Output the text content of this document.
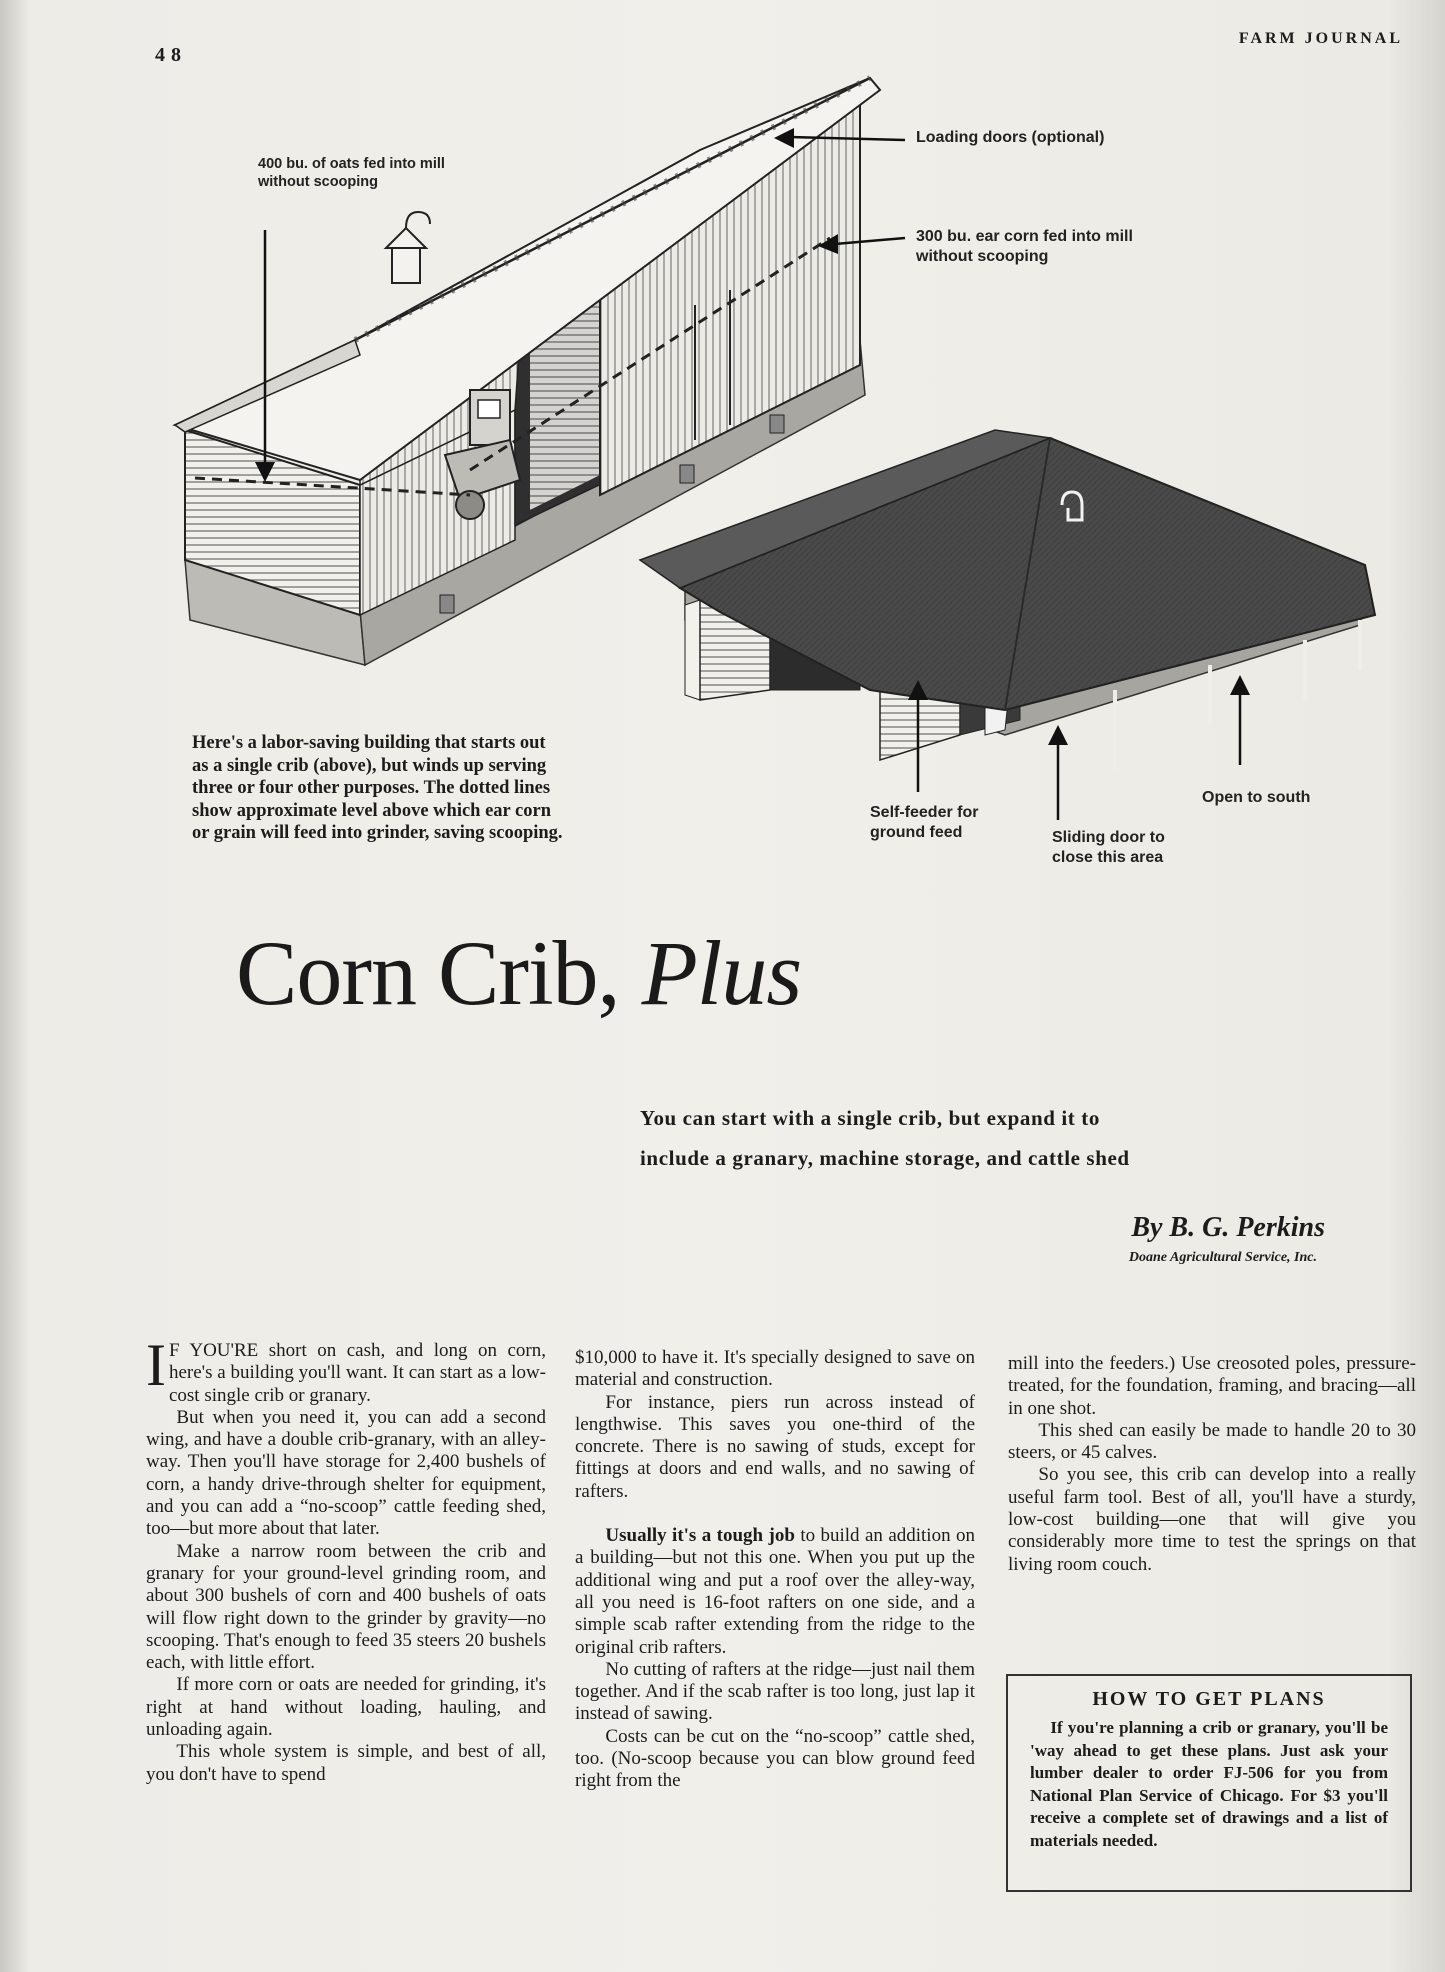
48
FARM JOURNAL
400 bu. of oats fed into mill without scooping
Loading doors (optional)
300 bu. ear corn fed into mill without scooping
Self-feeder for ground feed	Sliding door to close this area
Open to south
Here's a labor-saving building that starts out
as a single crib (above), but winds up serving
three or four other purposes. The dotted lines
show approximate level above which ear corn
or grain will feed into grinder, saving scooping.
Corn Crib, Plus
You can start with a single crib, but expand it to
include a granary, machine storage, and cattle shed
By B. G. Perkins
Doane Agricultural Service, Inc.

I F YOU'RE short on cash, and long on corn, here's a building you'll want. It can start as a low-cost single crib or granary.

But when you need it, you can add a second wing, and have a double crib-granary, with an alley-way. Then you'll have storage for 2,400 bushels of corn, a handy drive-through shelter for equipment, and you can add a “no-scoop” cattle feeding shed, too—but more about that later.

Make a narrow room between the crib and granary for your ground-level grinding room, and about 300 bushels of corn and 400 bushels of oats will flow right down to the grinder by gravity—no scooping. That's enough to feed 35 steers 20 bushels each, with little effort.

If more corn or oats are needed for grinding, it's right at hand without loading, hauling, and unloading again.

This whole system is simple, and best of all, you don't have to spend

$10,000 to have it. It's specially designed to save on material and construction.

For instance, piers run across instead of lengthwise. This saves you one-third of the concrete. There is no sawing of studs, except for fittings at doors and end walls, and no sawing of rafters.

Usually it's a tough job to build an addition on a building—but not this one. When you put up the additional wing and put a roof over the alley-way, all you need is 16-foot rafters on one side, and a simple scab rafter extending from the ridge to the original crib rafters.

No cutting of rafters at the ridge—just nail them together. And if the scab rafter is too long, just lap it instead of sawing.

Costs can be cut on the “no-scoop” cattle shed, too. (No-scoop because you can blow ground feed right from the

mill into the feeders.) Use creosoted poles, pressure-treated, for the foundation, framing, and bracing—all in one shot.

This shed can easily be made to handle 20 to 30 steers, or 45 calves.

So you see, this crib can develop into a really useful farm tool. Best of all, you'll have a sturdy, low-cost building—one that will give you considerably more time to test the springs on that living room couch.

HOW TO GET PLANS

If you're planning a crib or granary, you'll be 'way ahead to get these plans. Just ask your lumber dealer to order FJ-506 for you from National Plan Service of Chicago. For $3 you'll receive a complete set of drawings and a list of materials needed.
